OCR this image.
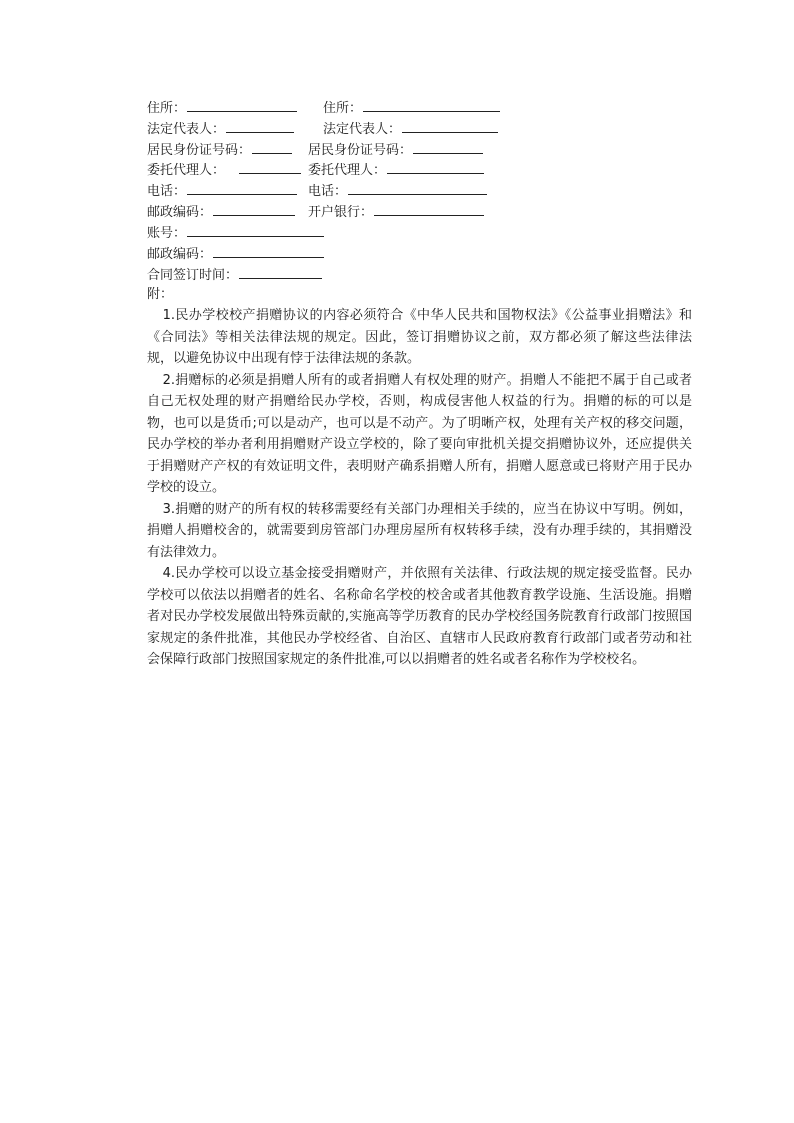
住所：	住所：
法定代表人：	法定代表人：
居民身份证号码：	居民身份证号码：
委托代理人：	委托代理人：
电话：	电话：
邮政编码：	开户银行：
账号：
邮政编码：
合同签订时间：
附：

1.民办学校校产捐赠协议的内容必须符合《中华人民共和国物权法》《公益事业捐赠法》和《合同法》等相关法律法规的规定。因此，签订捐赠协议之前，双方都必须了解这些法律法规，以避免协议中出现有悖于法律法规的条款。

2.捐赠标的必须是捐赠人所有的或者捐赠人有权处理的财产。捐赠人不能把不属于自己或者自己无权处理的财产捐赠给民办学校，否则，构成侵害他人权益的行为。捐赠的标的可以是物，也可以是货币;可以是动产，也可以是不动产。为了明晰产权，处理有关产权的移交问题，民办学校的举办者利用捐赠财产设立学校的，除了要向审批机关提交捐赠协议外，还应提供关于捐赠财产产权的有效证明文件，表明财产确系捐赠人所有，捐赠人愿意或已将财产用于民办学校的设立。

3.捐赠的财产的所有权的转移需要经有关部门办理相关手续的，应当在协议中写明。例如，捐赠人捐赠校舍的，就需要到房管部门办理房屋所有权转移手续，没有办理手续的，其捐赠没有法律效力。

4.民办学校可以设立基金接受捐赠财产，并依照有关法律、行政法规的规定接受监督。民办学校可以依法以捐赠者的姓名、名称命名学校的校舍或者其他教育教学设施、生活设施。捐赠者对民办学校发展做出特殊贡献的,实施高等学历教育的民办学校经国务院教育行政部门按照国家规定的条件批准，其他民办学校经省、自治区、直辖市人民政府教育行政部门或者劳动和社会保障行政部门按照国家规定的条件批准,可以以捐赠者的姓名或者名称作为学校校名。
